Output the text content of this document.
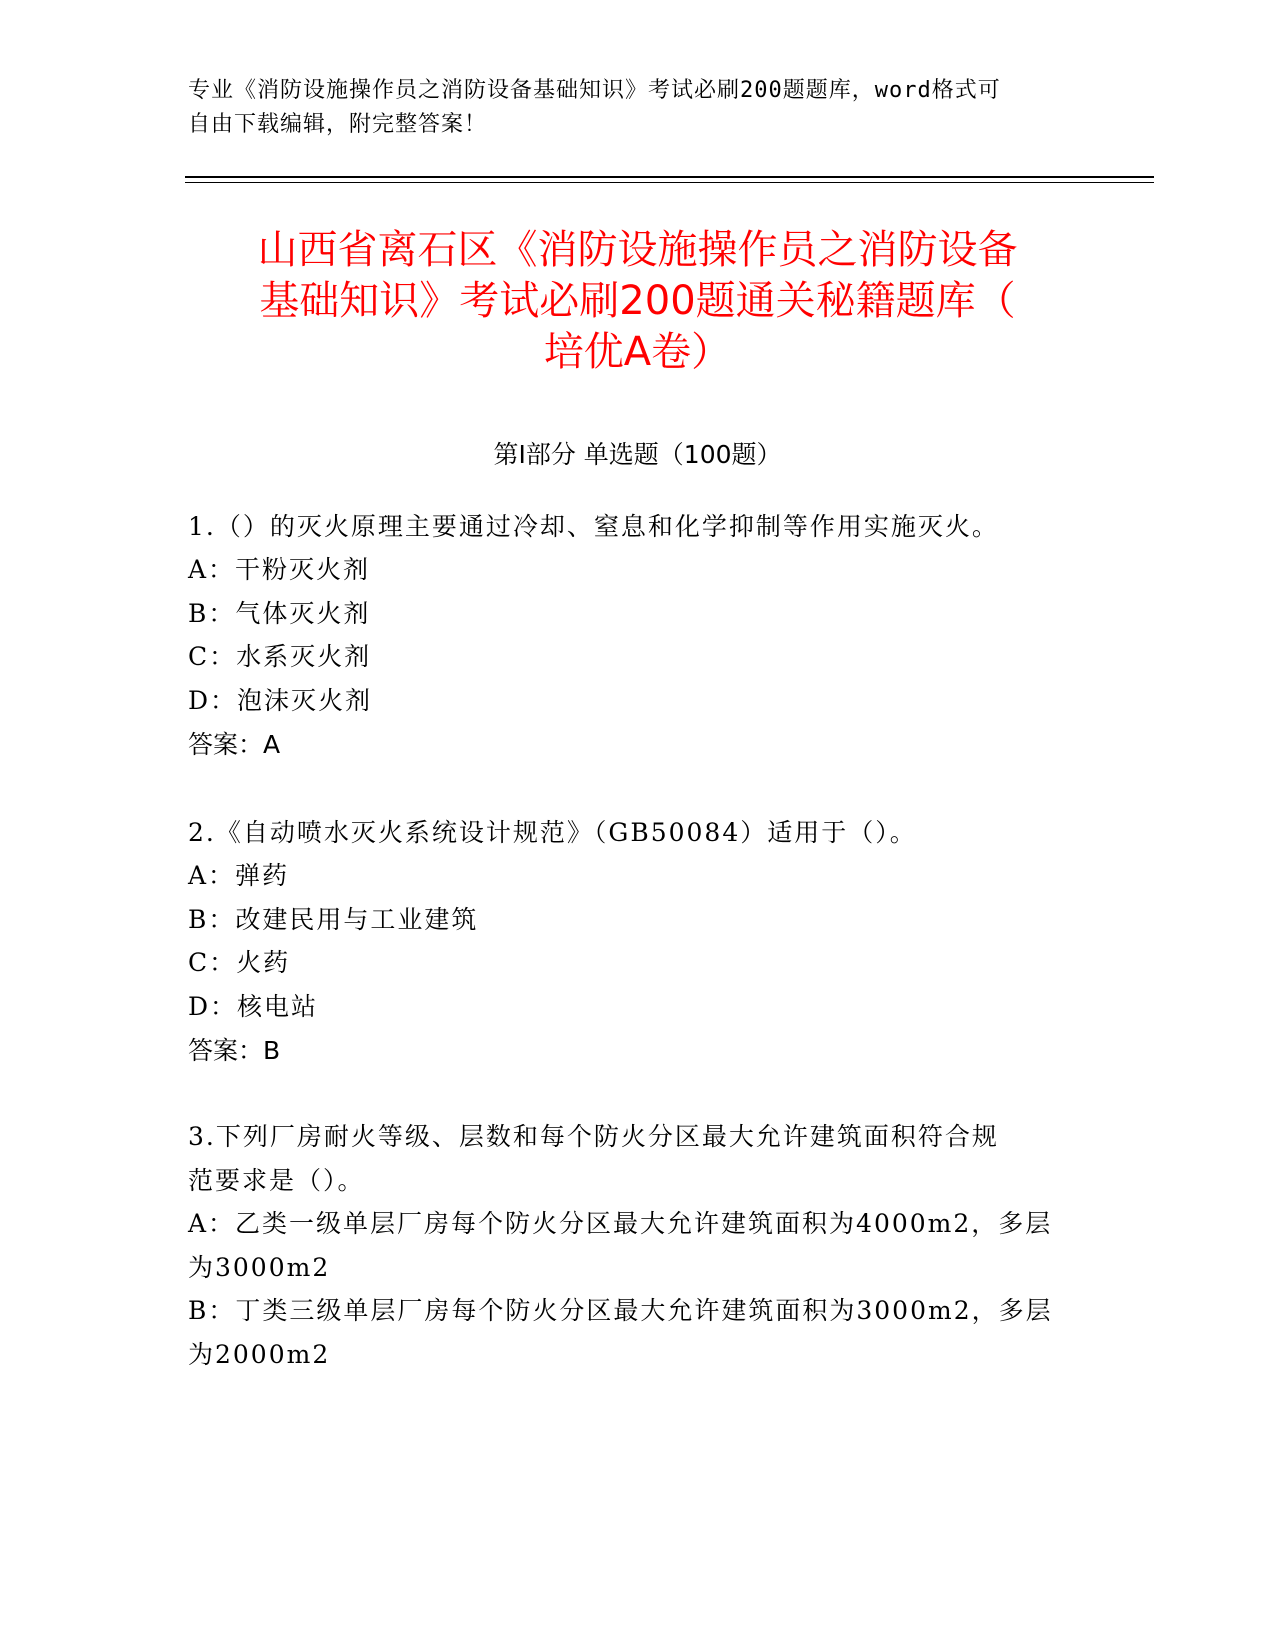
专业《消防设施操作员之消防设备基础知识》考试必刷200题题库，word格式可
自由下载编辑，附完整答案！
山西省离石区《消防设施操作员之消防设备
基础知识》考试必刷200题通关秘籍题库（
培优A卷）
第I部分 单选题（100题）
1.（）的灭火原理主要通过冷却、窒息和化学抑制等作用实施灭火。
A：干粉灭火剂
B：气体灭火剂
C：水系灭火剂
D：泡沫灭火剂
答案：A
2.《自动喷水灭火系统设计规范》（GB50084）适用于（）。
A：弹药
B：改建民用与工业建筑
C：火药
D：核电站
答案：B
3.下列厂房耐火等级、层数和每个防火分区最大允许建筑面积符合规
范要求是（）。
A：乙类一级单层厂房每个防火分区最大允许建筑面积为4000m2，多层
为3000m2
B：丁类三级单层厂房每个防火分区最大允许建筑面积为3000m2，多层
为2000m2
